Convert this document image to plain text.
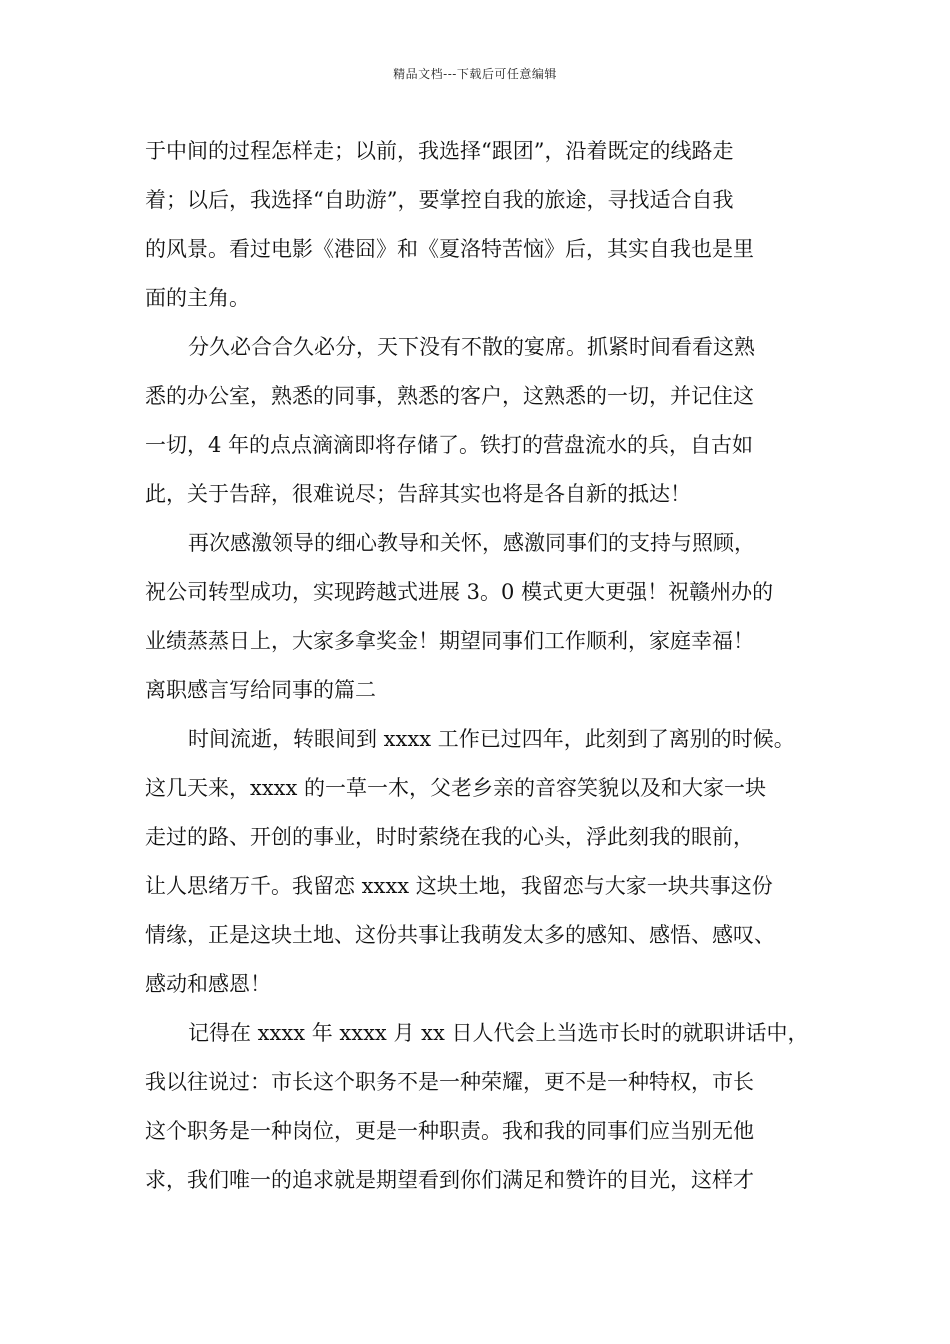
精品文档---下载后可任意编辑
于中间的过程怎样走；以前，我选择“跟团”，沿着既定的线路走
着；以后，我选择“自助游”，要掌控自我的旅途，寻找适合自我
的风景。看过电影《港囧》和《夏洛特苦恼》后，其实自我也是里
面的主角。
分久必合合久必分，天下没有不散的宴席。抓紧时间看看这熟
悉的办公室，熟悉的同事，熟悉的客户，这熟悉的一切，并记住这
一切，4 年的点点滴滴即将存储了。铁打的营盘流水的兵，自古如
此，关于告辞，很难说尽；告辞其实也将是各自新的抵达！
再次感激领导的细心教导和关怀，感激同事们的支持与照顾，
祝公司转型成功，实现跨越式进展 3。0 模式更大更强！祝赣州办的
业绩蒸蒸日上，大家多拿奖金！期望同事们工作顺利，家庭幸福！
离职感言写给同事的篇二
时间流逝，转眼间到 xxxx 工作已过四年，此刻到了离别的时候。
这几天来，xxxx 的一草一木，父老乡亲的音容笑貌以及和大家一块
走过的路、开创的事业，时时萦绕在我的心头，浮此刻我的眼前，
让人思绪万千。我留恋 xxxx 这块土地，我留恋与大家一块共事这份
情缘，正是这块土地、这份共事让我萌发太多的感知、感悟、感叹、
感动和感恩！
记得在 xxxx 年 xxxx 月 xx 日人代会上当选市长时的就职讲话中，
我以往说过：市长这个职务不是一种荣耀，更不是一种特权，市长
这个职务是一种岗位，更是一种职责。我和我的同事们应当别无他
求，我们唯一的追求就是期望看到你们满足和赞许的目光，这样才
